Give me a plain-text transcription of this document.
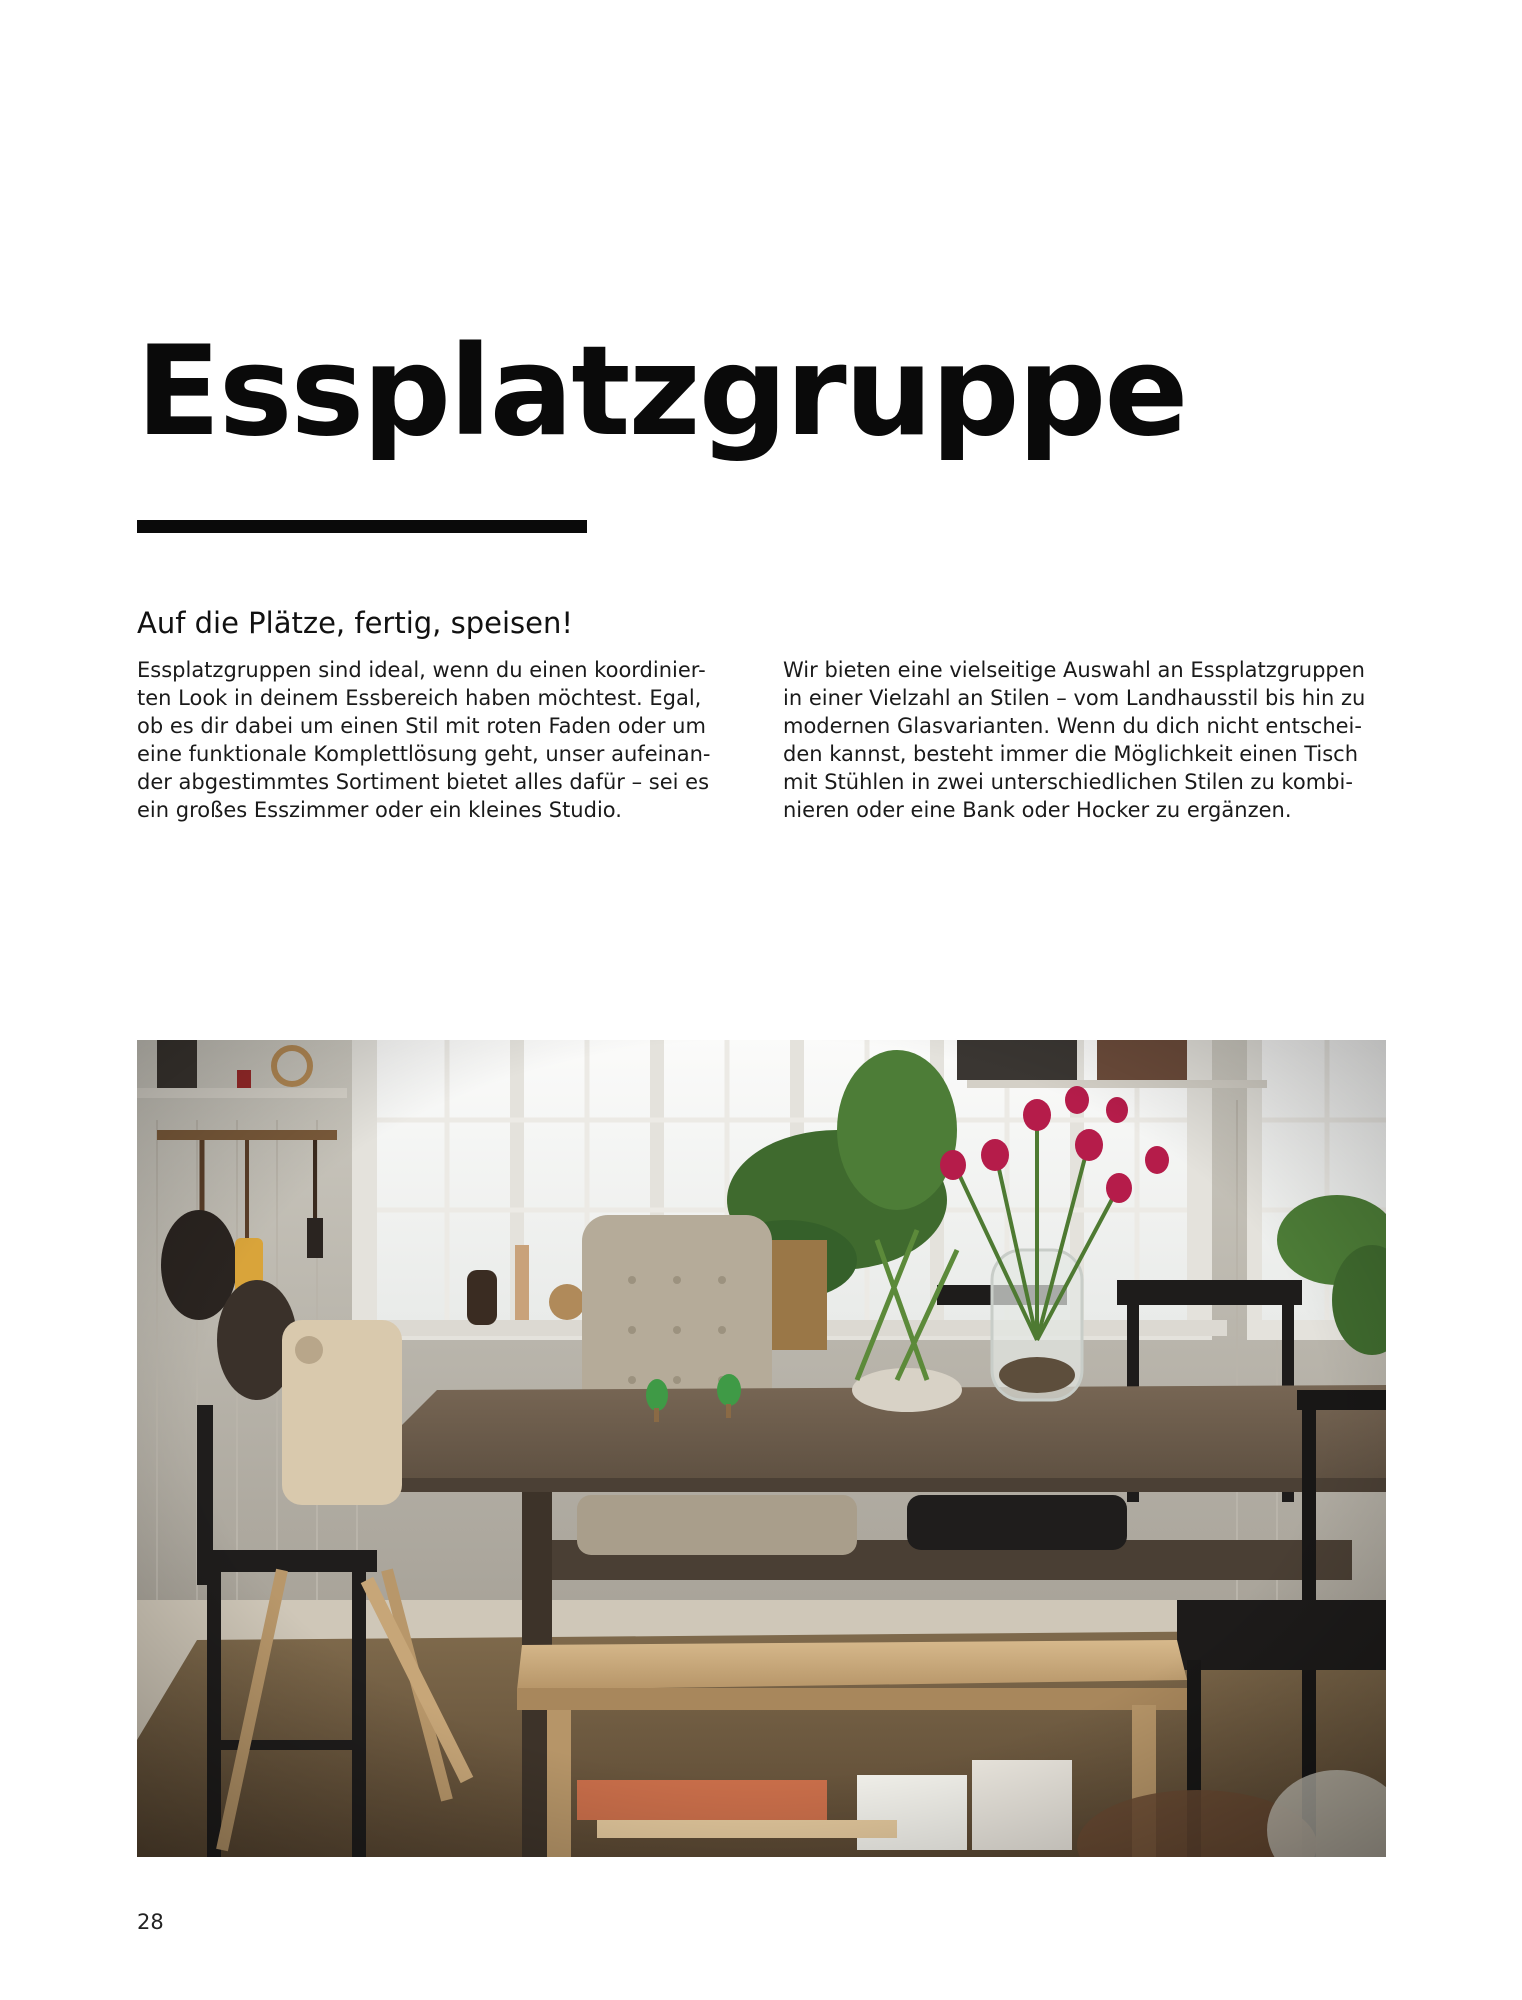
Essplatzgruppe
Auf die Plätze, fertig, speisen!

Essplatzgruppen sind ideal, wenn du einen koordinier-
ten Look in deinem Essbereich haben möchtest. Egal,
ob es dir dabei um einen Stil mit roten Faden oder um
eine funktionale Komplettlösung geht, unser aufeinan-
der abgestimmtes Sortiment bietet alles dafür – sei es
ein großes Esszimmer oder ein kleines Studio.

Wir bieten eine vielseitige Auswahl an Essplatzgruppen
in einer Vielzahl an Stilen – vom Landhausstil bis hin zu
modernen Glasvarianten. Wenn du dich nicht entschei-
den kannst, besteht immer die Möglichkeit einen Tisch
mit Stühlen in zwei unterschiedlichen Stilen zu kombi-
nieren oder eine Bank oder Hocker zu ergänzen.

28
